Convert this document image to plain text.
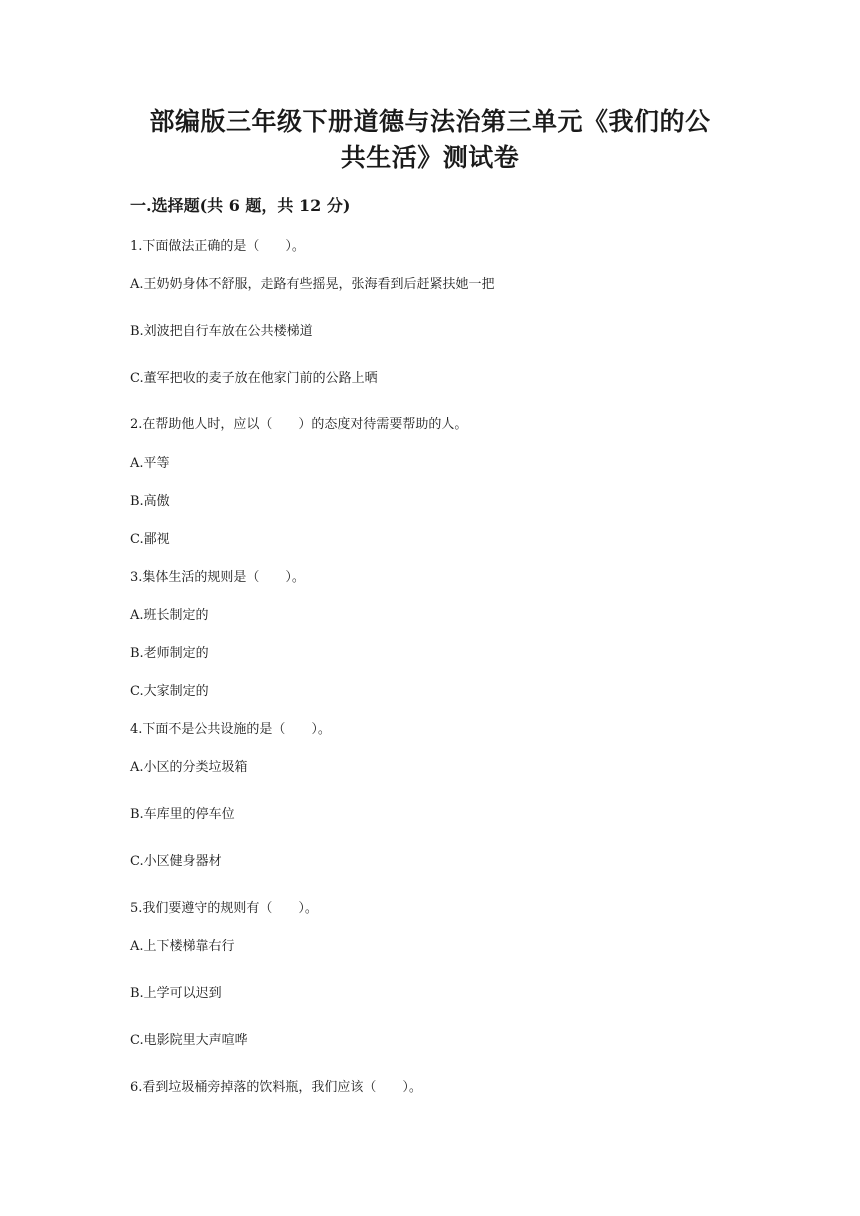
部编版三年级下册道德与法治第三单元《我们的公
共生活》测试卷
一.选择题(共 6 题，共 12 分)
1.下面做法正确的是（　　）。
A.王奶奶身体不舒服，走路有些摇晃，张海看到后赶紧扶她一把
B.刘波把自行车放在公共楼梯道
C.董军把收的麦子放在他家门前的公路上晒
2.在帮助他人时，应以（　　）的态度对待需要帮助的人。
A.平等
B.高傲
C.鄙视
3.集体生活的规则是（　　）。
A.班长制定的
B.老师制定的
C.大家制定的
4.下面不是公共设施的是（　　）。
A.小区的分类垃圾箱
B.车库里的停车位
C.小区健身器材
5.我们要遵守的规则有（　　）。
A.上下楼梯靠右行
B.上学可以迟到
C.电影院里大声喧哗
6.看到垃圾桶旁掉落的饮料瓶，我们应该（　　）。
